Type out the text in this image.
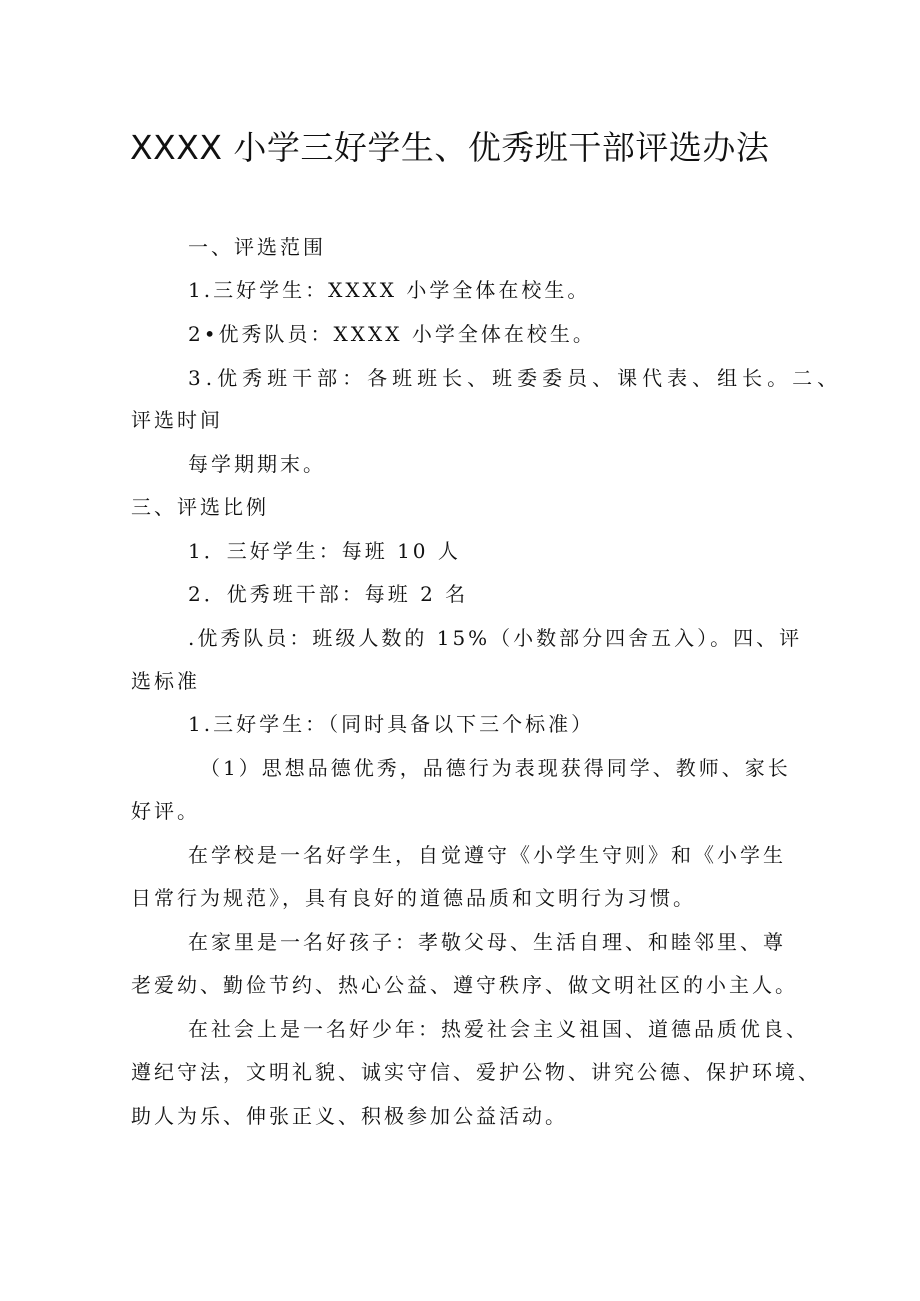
XXXX 小学三好学生、优秀班干部评选办法
一、评选范围
1.三好学生：XXXX 小学全体在校生。
2•优秀队员：XXXX 小学全体在校生。
3.优秀班干部：各班班长、班委委员、课代表、组长。二、
评选时间
每学期期末。
三、评选比例
1．三好学生：每班 10 人
2．优秀班干部：每班 2 名
.优秀队员：班级人数的 15%（小数部分四舍五入）。四、评
选标准
1.三好学生：（同时具备以下三个标准）
（1）思想品德优秀，品德行为表现获得同学、教师、家长
好评。
在学校是一名好学生，自觉遵守《小学生守则》和《小学生
日常行为规范》，具有良好的道德品质和文明行为习惯。
在家里是一名好孩子：孝敬父母、生活自理、和睦邻里、尊
老爱幼、勤俭节约、热心公益、遵守秩序、做文明社区的小主人。
在社会上是一名好少年：热爱社会主义祖国、道德品质优良、
遵纪守法，文明礼貌、诚实守信、爱护公物、讲究公德、保护环境、
助人为乐、伸张正义、积极参加公益活动。
